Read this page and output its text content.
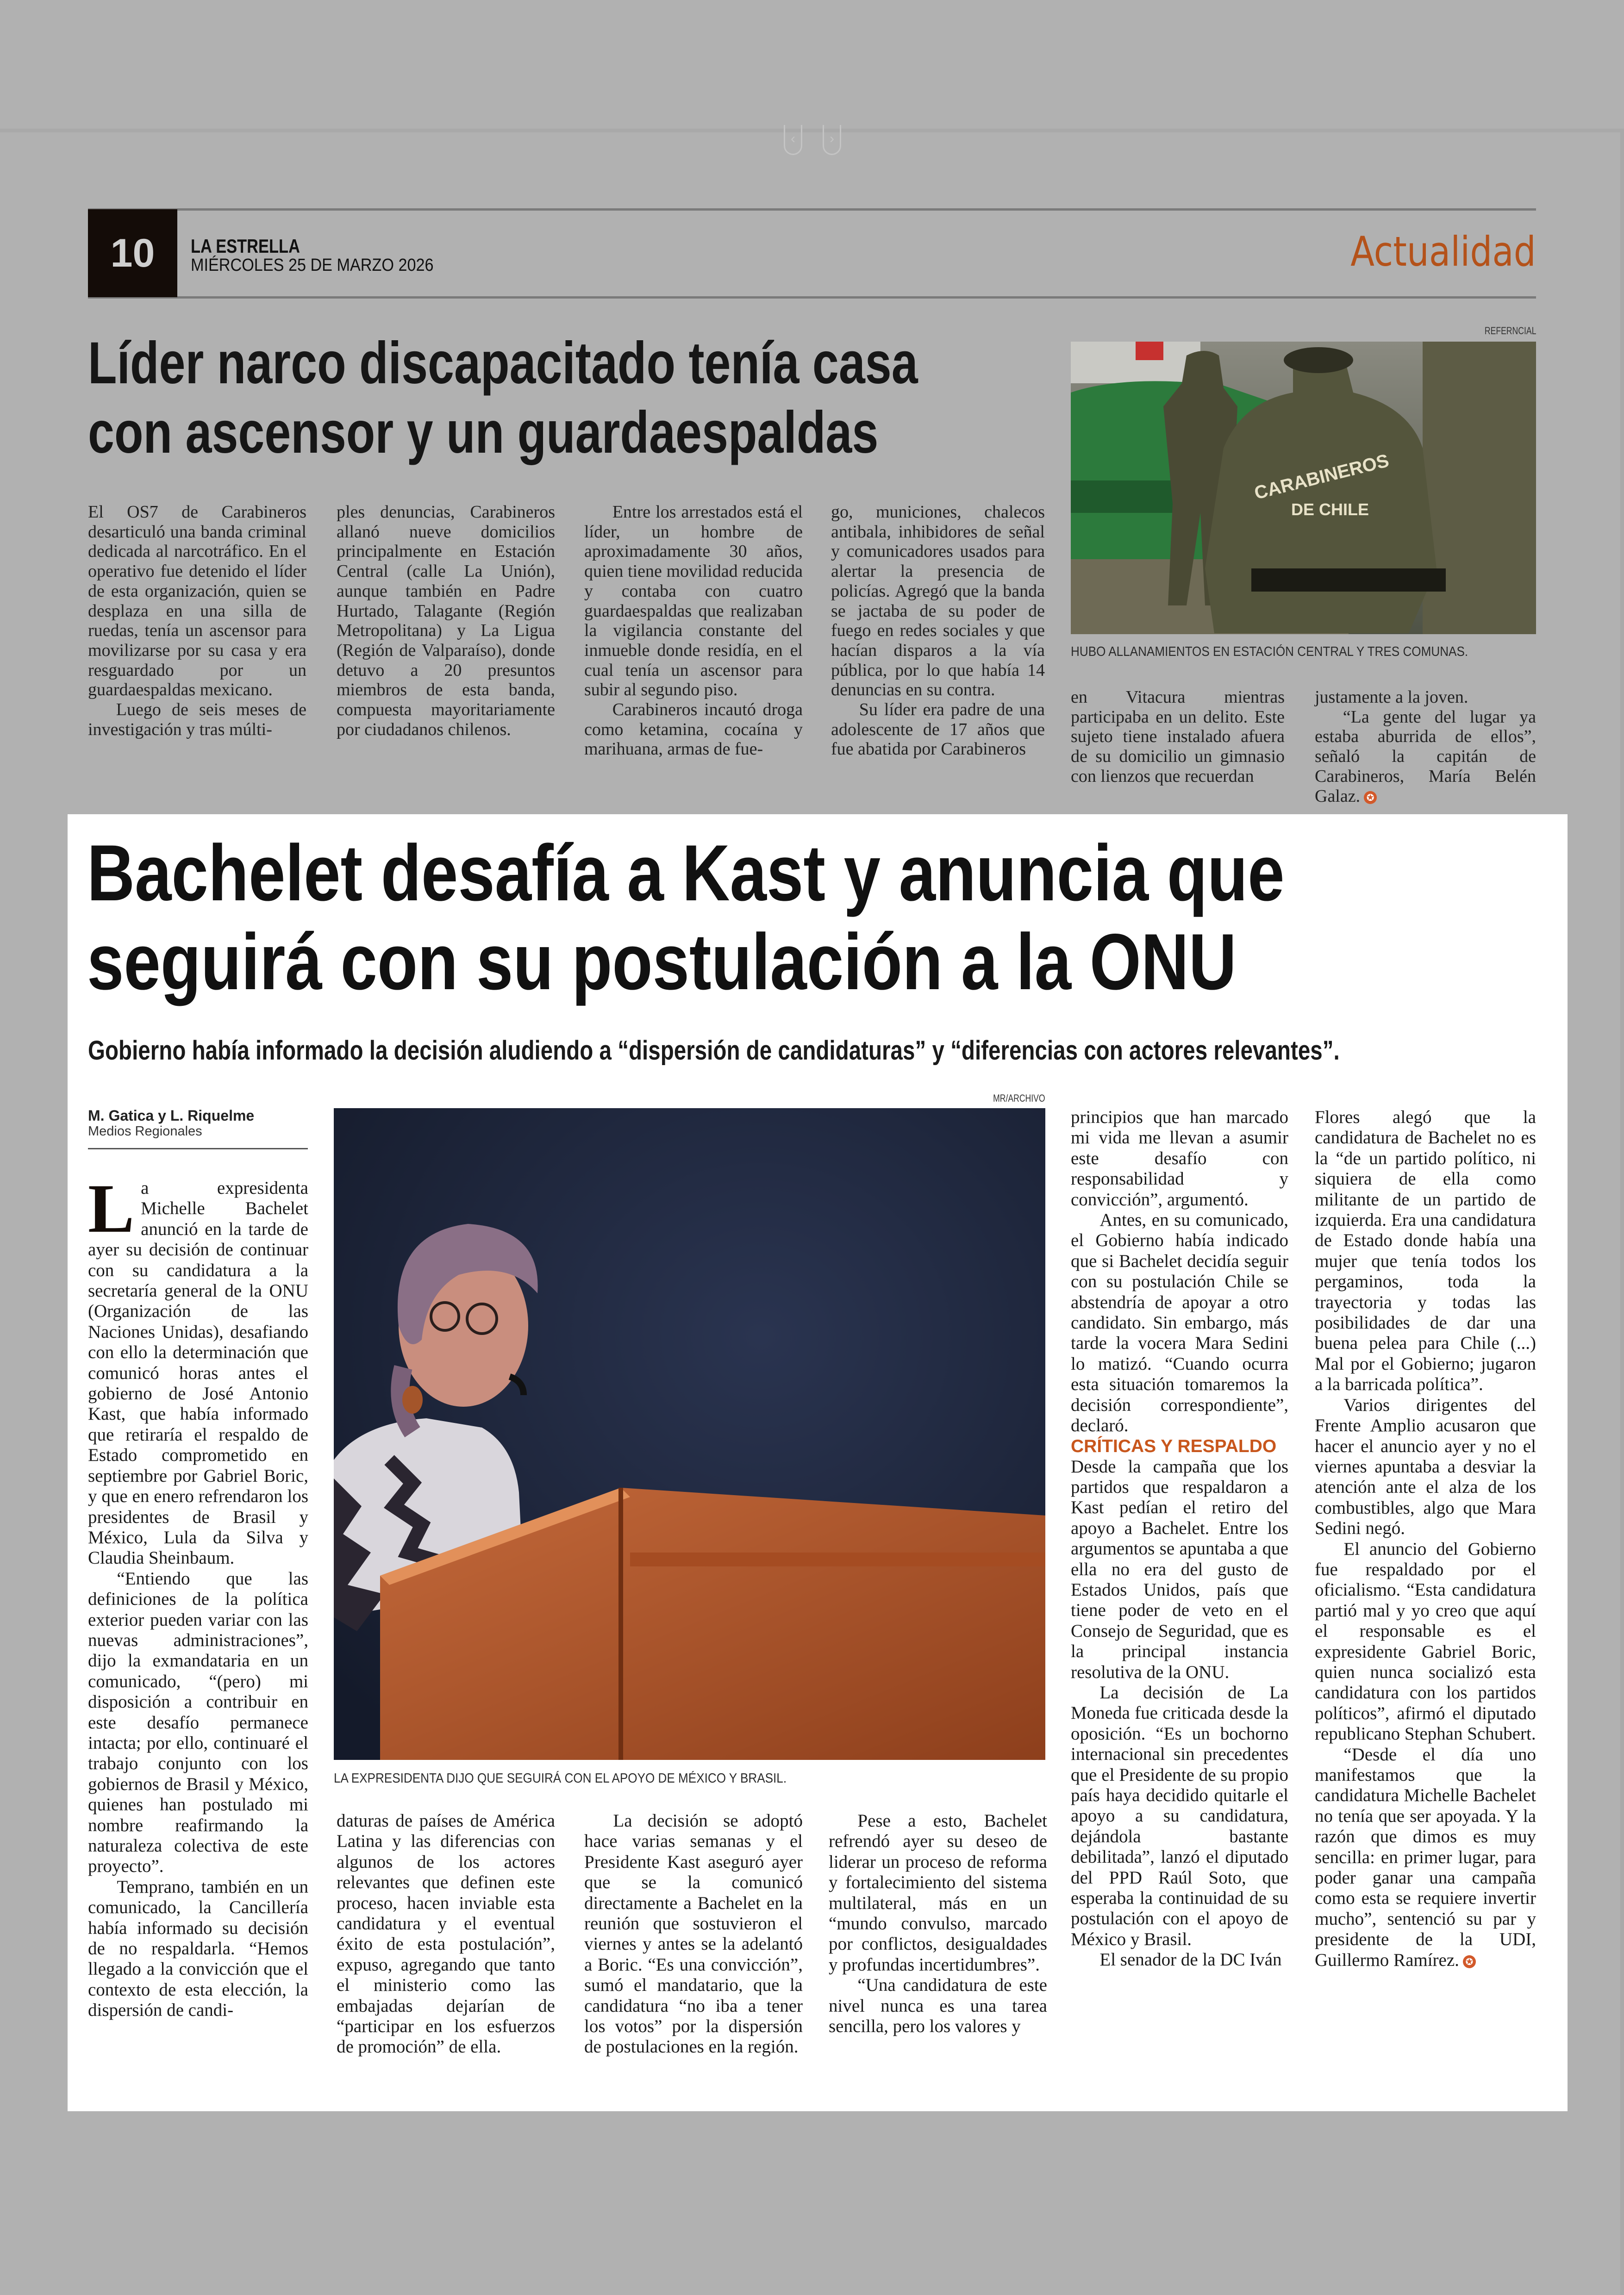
‹	›
10	LA ESTRELLA
MIÉRCOLES 25 DE MARZO 2026	Actualidad
Líder narco discapacitado tenía casa
con ascensor y un guardaespaldas
REFERNCIAL
CARABINEROS
DE CHILE
HUBO ALLANAMIENTOS EN ESTACIÓN CENTRAL Y TRES COMUNAS.

El OS7 de Carabineros desarticuló una banda criminal dedicada al narcotráfico. En el operativo fue detenido el líder de esta organización, quien se desplaza en una silla de ruedas, tenía un ascensor para movilizarse por su casa y era resguardado por un guardaespaldas mexicano.

Luego de seis meses de investigación y tras múlti-

ples denuncias, Carabineros allanó nueve domicilios principalmente en Estación Central (calle La Unión), aunque también en Padre Hurtado, Talagante (Región Metropolitana) y La Ligua (Región de Valparaíso), donde detuvo a 20 presuntos miembros de esta banda, compuesta mayoritariamente por ciudadanos chilenos.

Entre los arrestados está el líder, un hombre de aproximadamente 30 años, quien tiene movilidad reducida y contaba con cuatro guardaespaldas que realizaban la vigilancia constante del inmueble donde residía, en el cual tenía un ascensor para subir al segundo piso.

Carabineros incautó droga como ketamina, cocaína y marihuana, armas de fue-

go, municiones, chalecos antibala, inhibidores de señal y comunicadores usados para alertar la presencia de policías. Agregó que la banda se jactaba de su poder de fuego en redes sociales y que hacían disparos a la vía pública, por lo que había 14 denuncias en su contra.

Su líder era padre de una adolescente de 17 años que fue abatida por Carabineros

en Vitacura mientras participaba en un delito. Este sujeto tiene instalado afuera de su domicilio un gimnasio con lienzos que recuerdan

justamente a la joven.

“La gente del lugar ya estaba aburrida de ellos”, señaló la capitán de Carabineros, María Belén Galaz. ✪

Bachelet desafía a Kast y anuncia que
seguirá con su postulación a la ONU
Gobierno había informado la decisión aludiendo a “dispersión de candidaturas” y “diferencias con actores relevantes”.
M. Gatica y L. Riquelme
Medios Regionales
MR/ARCHIVO
LA EXPRESIDENTA DIJO QUE SEGUIRÁ CON EL APOYO DE MÉXICO Y BRASIL.

La expresidenta Michelle Bachelet anunció en la tarde de ayer su decisión de continuar con su candidatura a la secretaría general de la ONU (Organización de las Naciones Unidas), desafiando con ello la determinación que comunicó horas antes el gobierno de José Antonio Kast, que había informado que retiraría el respaldo de Estado comprometido en septiembre por Gabriel Boric, y que en enero refrendaron los presidentes de Brasil y México, Lula da Silva y Claudia Sheinbaum.

“Entiendo que las definiciones de la política exterior pueden variar con las nuevas administraciones”, dijo la exmandataria en un comunicado, “(pero) mi disposición a contribuir en este desafío permanece intacta; por ello, continuaré el trabajo conjunto con los gobiernos de Brasil y México, quienes han postulado mi nombre reafirmando la naturaleza colectiva de este proyecto”.

Temprano, también en un comunicado, la Cancillería había informado su decisión de no respaldarla. “Hemos llegado a la convicción que el contexto de esta elección, la dispersión de candi-

daturas de países de América Latina y las diferencias con algunos de los actores relevantes que definen este proceso, hacen inviable esta candidatura y el eventual éxito de esta postulación”, expuso, agregando que tanto el ministerio como las embajadas dejarían de “participar en los esfuerzos de promoción” de ella.

La decisión se adoptó hace varias semanas y el Presidente Kast aseguró ayer que se la comunicó directamente a Bachelet en la reunión que sostuvieron el viernes y antes se la adelantó a Boric. “Es una convicción”, sumó el mandatario, que la candidatura “no iba a tener los votos” por la dispersión de postulaciones en la región.

Pese a esto, Bachelet refrendó ayer su deseo de liderar un proceso de reforma y fortalecimiento del sistema multilateral, más en un “mundo convulso, marcado por conflictos, desigualdades y profundas incertidumbres”.

“Una candidatura de este nivel nunca es una tarea sencilla, pero los valores y

principios que han marcado mi vida me llevan a asumir este desafío con responsabilidad y convicción”, argumentó.

Antes, en su comunicado, el Gobierno había indicado que si Bachelet decidía seguir con su postulación Chile se abstendría de apoyar a otro candidato. Sin embargo, más tarde la vocera Mara Sedini lo matizó. “Cuando ocurra esta situación tomaremos la decisión correspondiente”, declaró.

CRÍTICAS Y RESPALDO

Desde la campaña que los partidos que respaldaron a Kast pedían el retiro del apoyo a Bachelet. Entre los argumentos se apuntaba a que ella no era del gusto de Estados Unidos, país que tiene poder de veto en el Consejo de Seguridad, que es la principal instancia resolutiva de la ONU.

La decisión de La Moneda fue criticada desde la oposición. “Es un bochorno internacional sin precedentes que el Presidente de su propio país haya decidido quitarle el apoyo a su candidatura, dejándola bastante debilitada”, lanzó el diputado del PPD Raúl Soto, que esperaba la continuidad de su postulación con el apoyo de México y Brasil.

El senador de la DC Iván

Flores alegó que la candidatura de Bachelet no es la “de un partido político, ni siquiera de ella como militante de un partido de izquierda. Era una candidatura de Estado donde había una mujer que tenía todos los pergaminos, toda la trayectoria y todas las posibilidades de dar una buena pelea para Chile (...) Mal por el Gobierno; jugaron a la barricada política”.

Varios dirigentes del Frente Amplio acusaron que hacer el anuncio ayer y no el viernes apuntaba a desviar la atención ante el alza de los combustibles, algo que Mara Sedini negó.

El anuncio del Gobierno fue respaldado por el oficialismo. “Esta candidatura partió mal y yo creo que aquí el responsable es el expresidente Gabriel Boric, quien nunca socializó esta candidatura con los partidos políticos”, afirmó el diputado republicano Stephan Schubert.

“Desde el día uno manifestamos que la candidatura Michelle Bachelet no tenía que ser apoyada. Y la razón que dimos es muy sencilla: en primer lugar, para poder ganar una campaña como esta se requiere invertir mucho”, sentenció su par y presidente de la UDI, Guillermo Ramírez. ✪
